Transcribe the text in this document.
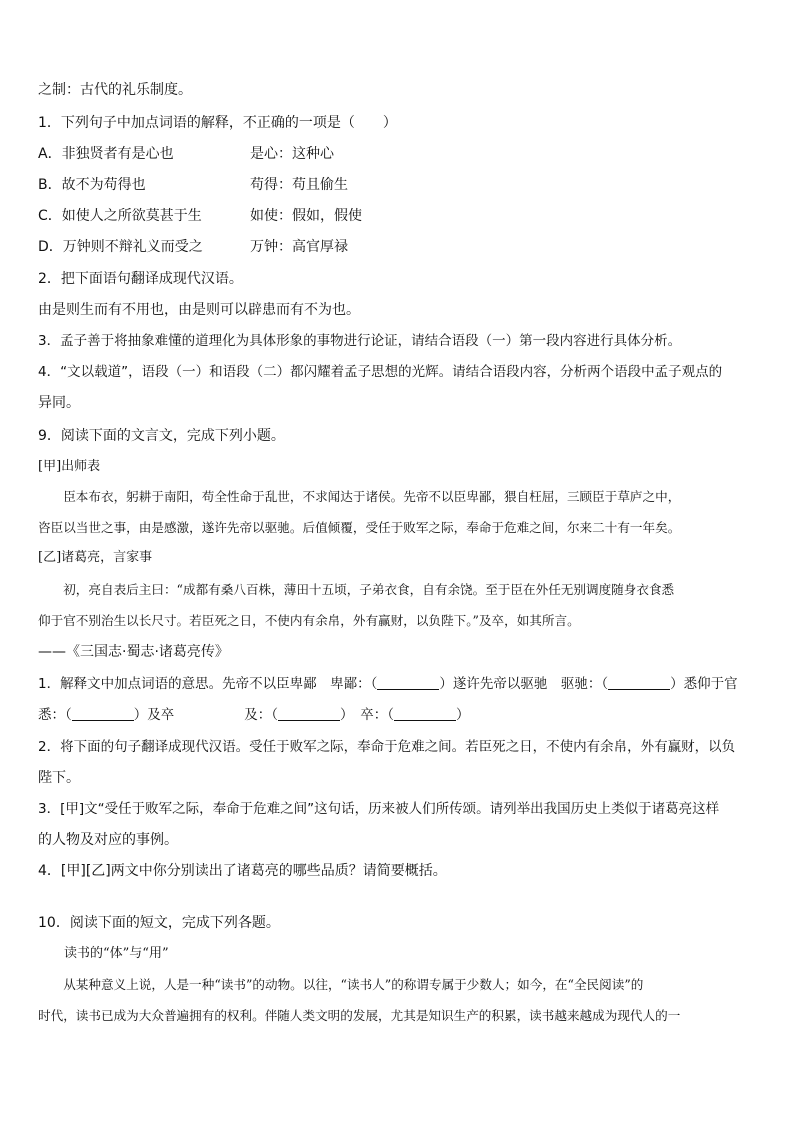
之制：古代的礼乐制度。
1．下列句子中加点词语的解释，不正确的一项是（　　）
A．非独贤者有是心也	是心：这种心
B．故不为苟得也	苟得：苟且偷生
C．如使人之所欲莫甚于生	如使：假如，假使
D．万钟则不辩礼义而受之	万钟：高官厚禄
2．把下面语句翻译成现代汉语。
由是则生而有不用也，由是则可以辟患而有不为也。
3．孟子善于将抽象难懂的道理化为具体形象的事物进行论证，请结合语段（一）第一段内容进行具体分析。
4．“文以载道”，语段（一）和语段（二）都闪耀着孟子思想的光辉。请结合语段内容，分析两个语段中孟子观点的
异同。
9．阅读下面的文言文，完成下列小题。
[甲]出师表
　　臣本布衣，躬耕于南阳，苟全性命于乱世，不求闻达于诸侯。先帝不以臣卑鄙，猥自枉屈，三顾臣于草庐之中，
咨臣以当世之事，由是感激，遂许先帝以驱驰。后值倾覆，受任于败军之际，奉命于危难之间，尔来二十有一年矣。
[乙]诸葛亮，言家事
　　初，亮自表后主曰：“成都有桑八百株，薄田十五顷，子弟衣食，自有余饶。至于臣在外任无别调度随身衣食悉
仰于官不别治生以长尺寸。若臣死之日，不使内有余帛，外有赢财，以负陛下。”及卒，如其所言。
——《三国志·蜀志·诸葛亮传》
1．解释文中加点词语的意思。先帝不以臣卑鄙　卑鄙：（	）遂许先帝以驱驰　驱驰：（	）悉仰于官
悉：（	）及卒	及：（	）　卒：（	）
2．将下面的句子翻译成现代汉语。受任于败军之际，奉命于危难之间。若臣死之日，不使内有余帛，外有赢财，以负
陛下。
3．[甲]文“受任于败军之际，奉命于危难之间”这句话，历来被人们所传颂。请列举出我国历史上类似于诸葛亮这样
的人物及对应的事例。
4．[甲][乙]两文中你分别读出了诸葛亮的哪些品质？请简要概括。
10．阅读下面的短文，完成下列各题。
　　读书的“体”与“用”
　　从某种意义上说，人是一种“读书”的动物。以往，“读书人”的称谓专属于少数人；如今，在“全民阅读”的
时代，读书已成为大众普遍拥有的权利。伴随人类文明的发展，尤其是知识生产的积累，读书越来越成为现代人的一
